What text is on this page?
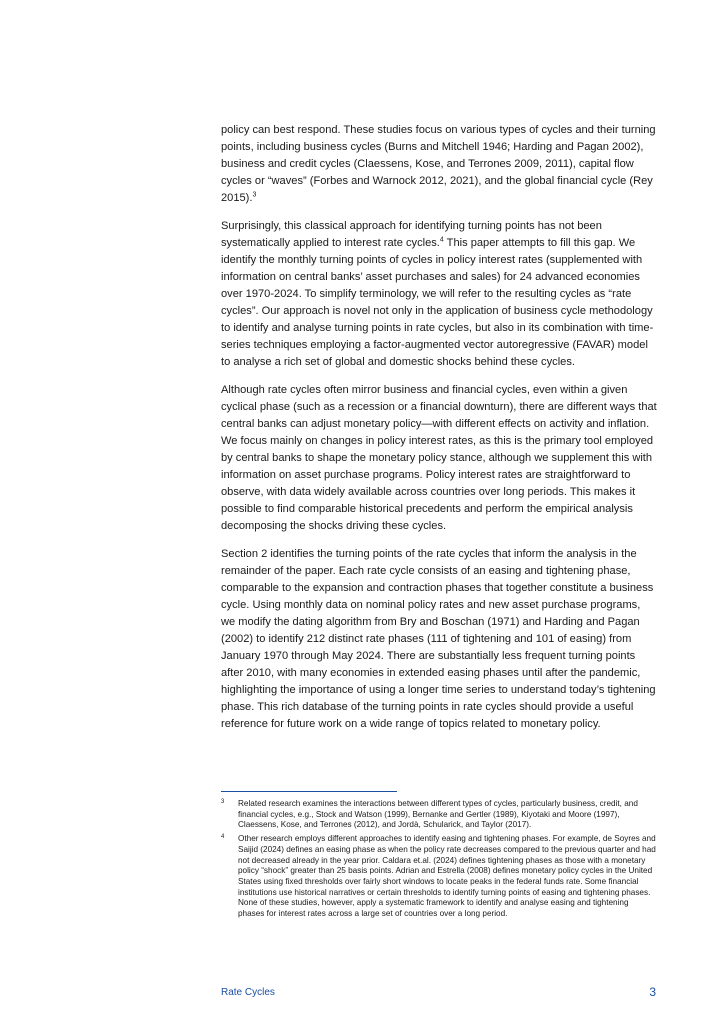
policy can best respond. These studies focus on various types of cycles and their turning points, including business cycles (Burns and Mitchell 1946; Harding and Pagan 2002), business and credit cycles (Claessens, Kose, and Terrones 2009, 2011), capital flow cycles or “waves” (Forbes and Warnock 2012, 2021), and the global financial cycle (Rey 2015).$^3$

Surprisingly, this classical approach for identifying turning points has not been systematically applied to interest rate cycles.$^4$ This paper attempts to fill this gap. We identify the monthly turning points of cycles in policy interest rates (supplemented with information on central banks’ asset purchases and sales) for 24 advanced economies over 1970-2024. To simplify terminology, we will refer to the resulting cycles as “rate cycles”. Our approach is novel not only in the application of business cycle methodology to identify and analyse turning points in rate cycles, but also in its combination with time-series techniques employing a factor-augmented vector autoregressive (FAVAR) model to analyse a rich set of global and domestic shocks behind these cycles.

Although rate cycles often mirror business and financial cycles, even within a given cyclical phase (such as a recession or a financial downturn), there are different ways that central banks can adjust monetary policy—with different effects on activity and inflation. We focus mainly on changes in policy interest rates, as this is the primary tool employed by central banks to shape the monetary policy stance, although we supplement this with information on asset purchase programs. Policy interest rates are straightforward to observe, with data widely available across countries over long periods. This makes it possible to find comparable historical precedents and perform the empirical analysis decomposing the shocks driving these cycles.

Section 2 identifies the turning points of the rate cycles that inform the analysis in the remainder of the paper. Each rate cycle consists of an easing and tightening phase, comparable to the expansion and contraction phases that together constitute a business cycle. Using monthly data on nominal policy rates and new asset purchase programs, we modify the dating algorithm from Bry and Boschan (1971) and Harding and Pagan (2002) to identify 212 distinct rate phases (111 of tightening and 101 of easing) from January 1970 through May 2024. There are substantially less frequent turning points after 2010, with many economies in extended easing phases until after the pandemic, highlighting the importance of using a longer time series to understand today’s tightening phase. This rich database of the turning points in rate cycles should provide a useful reference for future work on a wide range of topics related to monetary policy.

3 Related research examines the interactions between different types of cycles, particularly business, credit, and financial cycles, e.g., Stock and Watson (1999), Bernanke and Gertler (1989), Kiyotaki and Moore (1997), Claessens, Kose, and Terrones (2012), and Jordà, Schularick, and Taylor (2017).
4 Other research employs different approaches to identify easing and tightening phases. For example, de Soyres and Saijid (2024) defines an easing phase as when the policy rate decreases compared to the previous quarter and had not decreased already in the year prior. Caldara et.al. (2024) defines tightening phases as those with a monetary policy “shock” greater than 25 basis points. Adrian and Estrella (2008) defines monetary policy cycles in the United States using fixed thresholds over fairly short windows to locate peaks in the federal funds rate. Some financial institutions use historical narratives or certain thresholds to identify turning points of easing and tightening phases. None of these studies, however, apply a systematic framework to identify and analyse easing and tightening phases for interest rates across a large set of countries over a long period.
Rate Cycles	3
